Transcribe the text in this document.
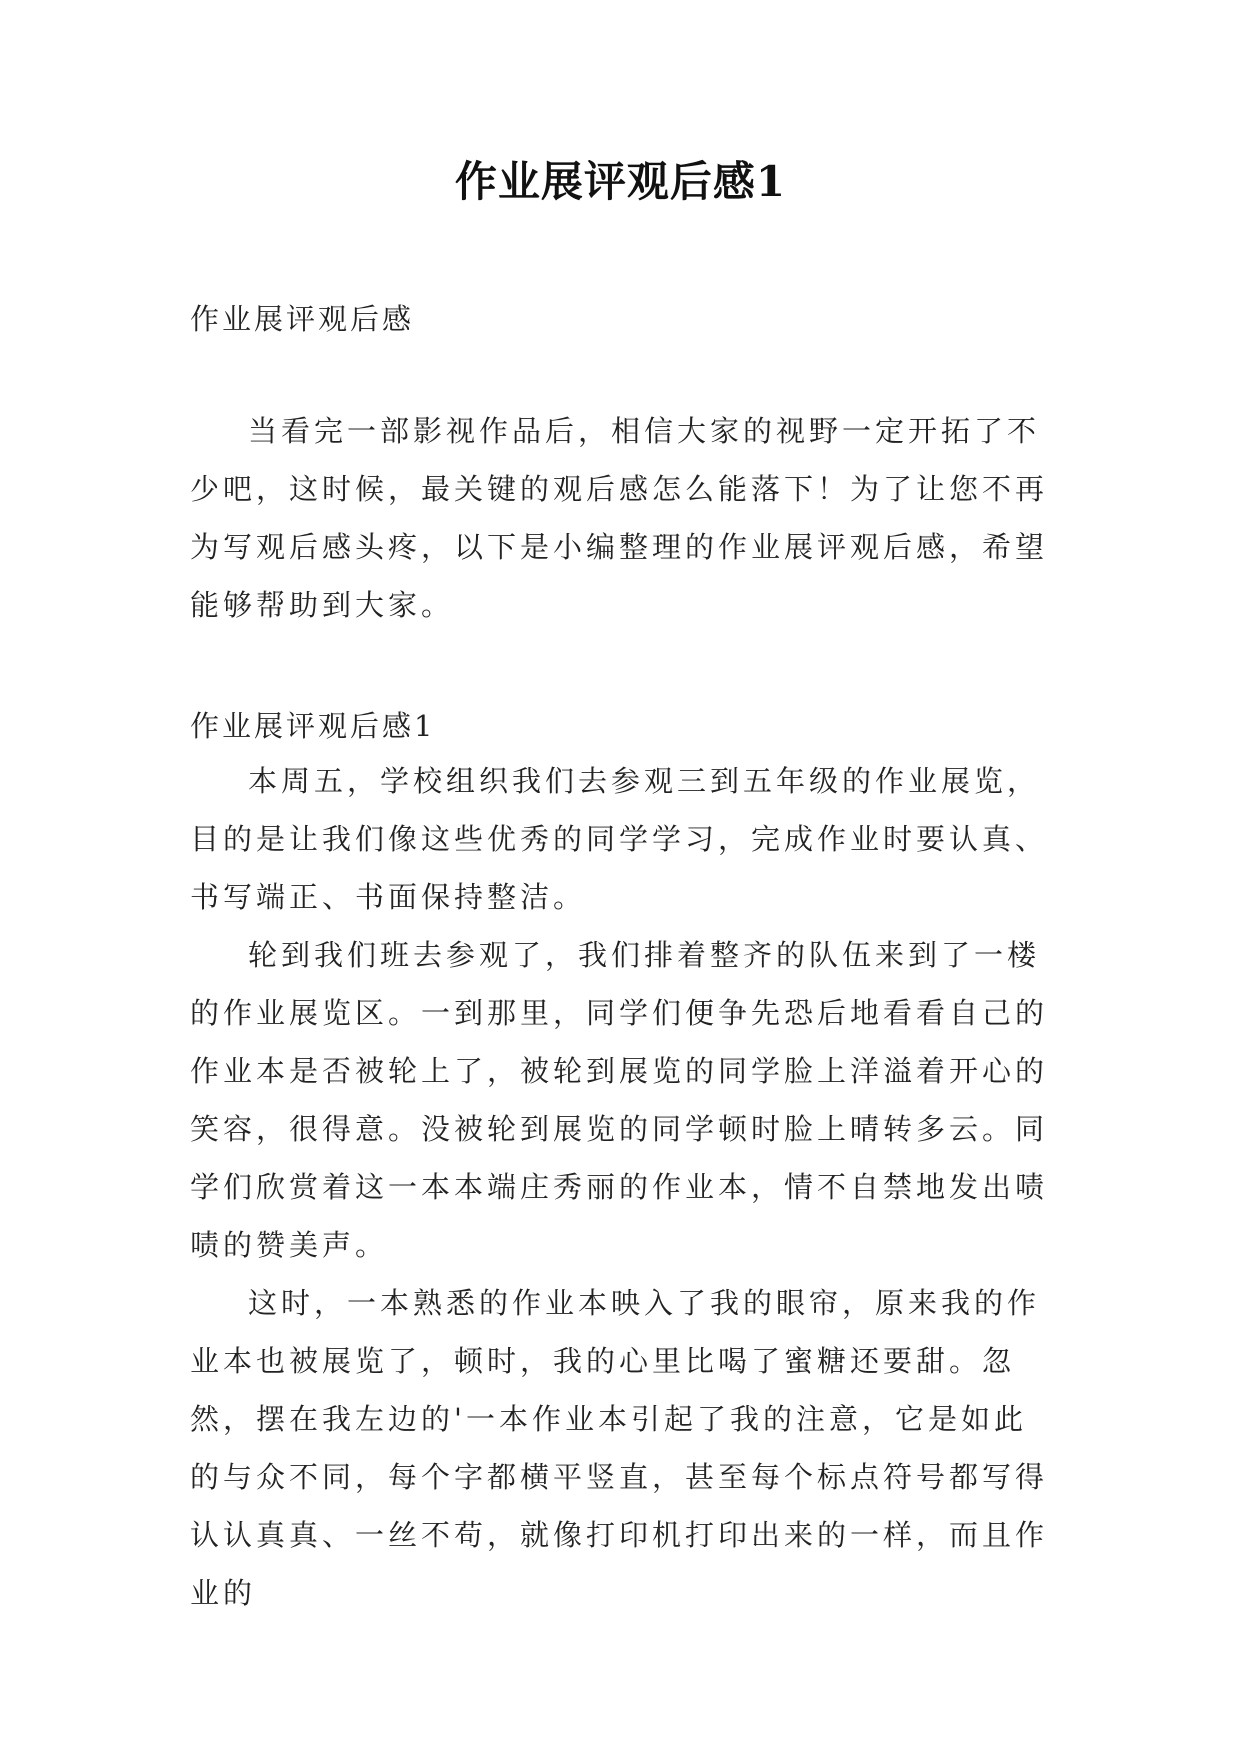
作业展评观后感1

作业展评观后感

当看完一部影视作品后，相信大家的视野一定开拓了不少吧，这时候，最关键的观后感怎么能落下！为了让您不再为写观后感头疼，以下是小编整理的作业展评观后感，希望能够帮助到大家。

作业展评观后感1

本周五，学校组织我们去参观三到五年级的作业展览，目的是让我们像这些优秀的同学学习，完成作业时要认真、书写端正、书面保持整洁。

轮到我们班去参观了，我们排着整齐的队伍来到了一楼的作业展览区。一到那里，同学们便争先恐后地看看自己的作业本是否被轮上了，被轮到展览的同学脸上洋溢着开心的笑容，很得意。没被轮到展览的同学顿时脸上晴转多云。同学们欣赏着这一本本端庄秀丽的作业本，情不自禁地发出啧啧的赞美声。

这时，一本熟悉的作业本映入了我的眼帘，原来我的作业本也被展览了，顿时，我的心里比喝了蜜糖还要甜。忽然，摆在我左边的'一本作业本引起了我的注意，它是如此的与众不同，每个字都横平竖直，甚至每个标点符号都写得认认真真、一丝不苟，就像打印机打印出来的一样，而且作业的
